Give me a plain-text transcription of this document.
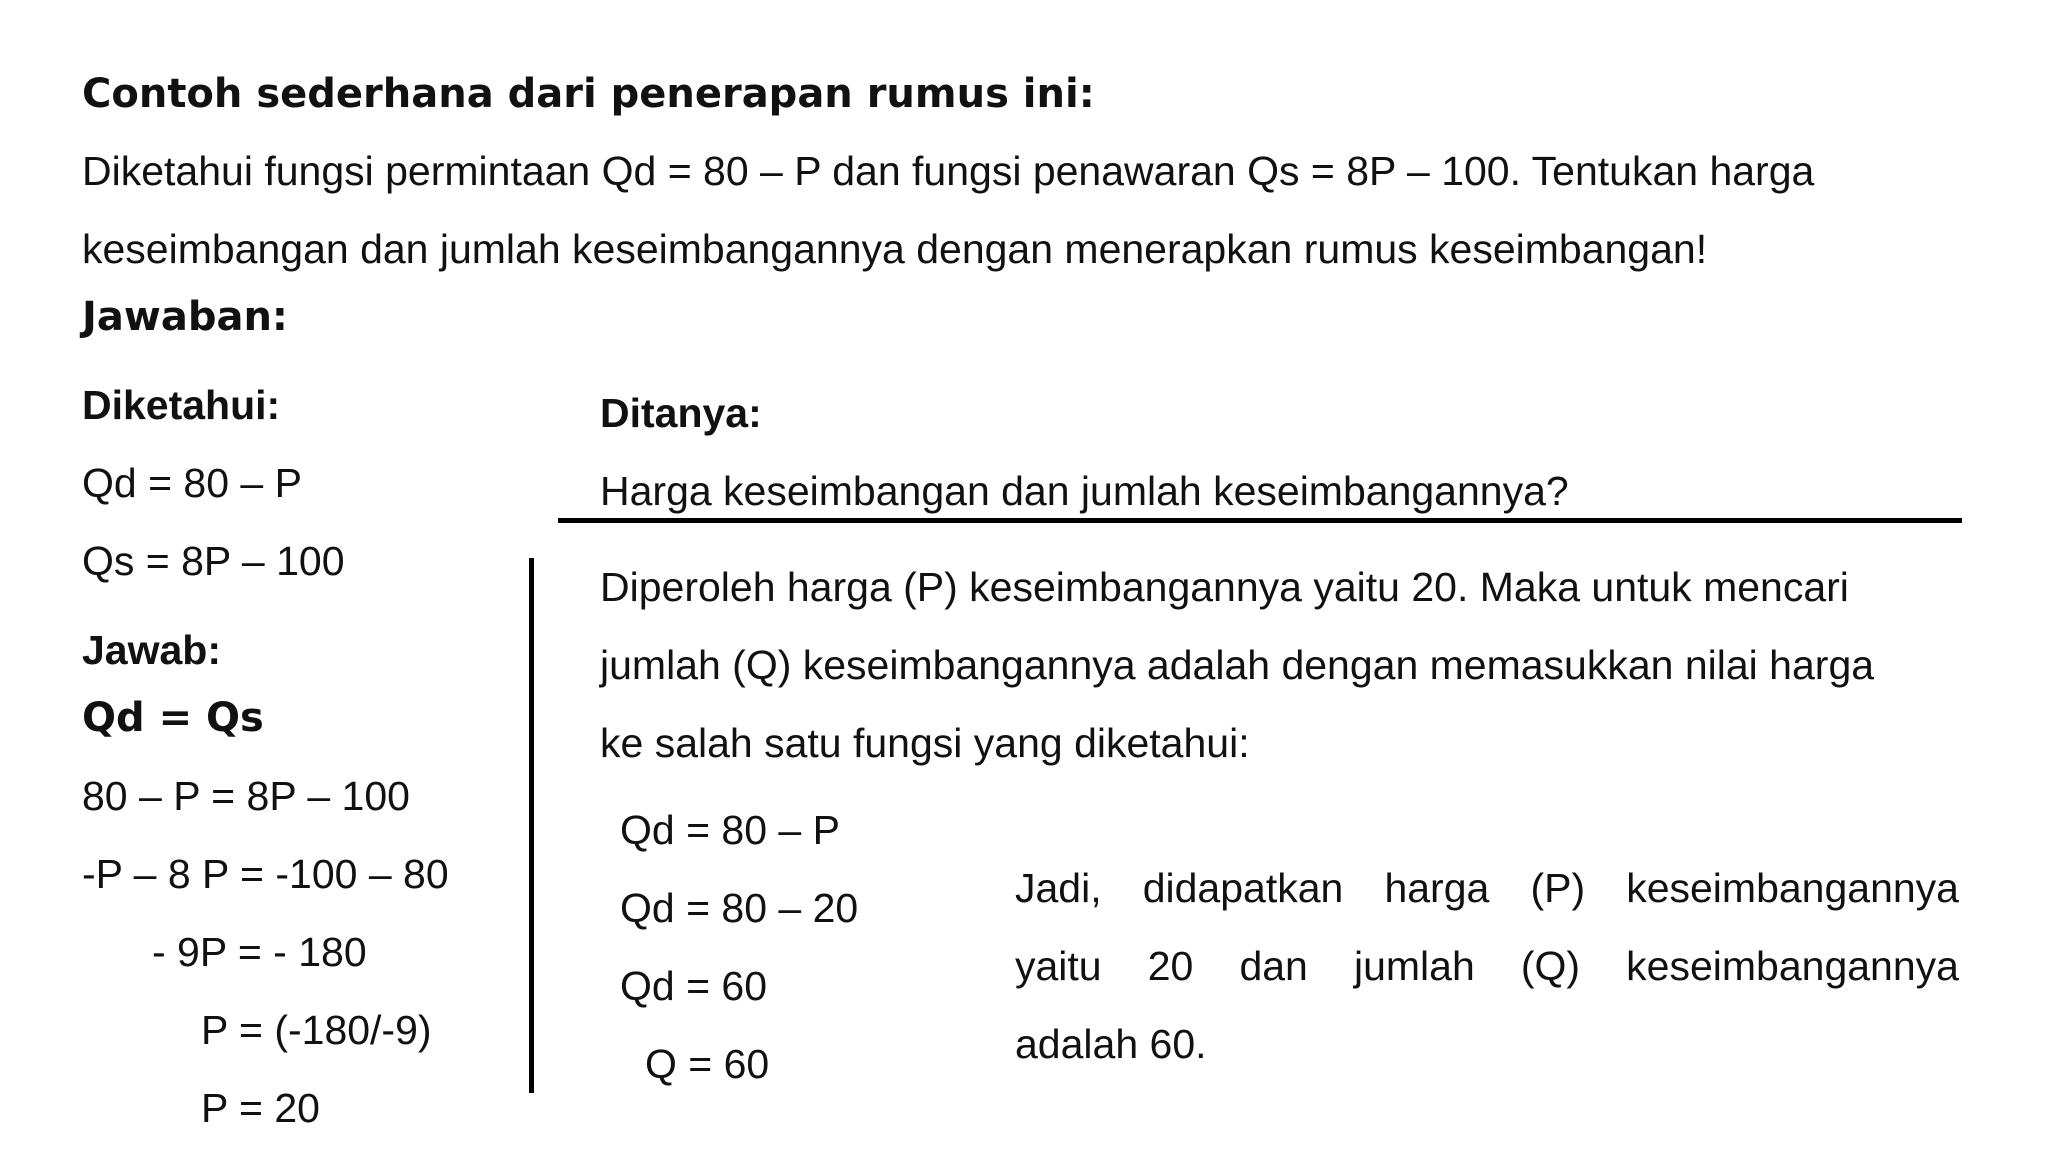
Contoh sederhana dari penerapan rumus ini:
Diketahui fungsi permintaan Qd = 80 – P dan fungsi penawaran Qs = 8P – 100. Tentukan harga
keseimbangan dan jumlah keseimbangannya dengan menerapkan rumus keseimbangan!
Jawaban:
Diketahui:
Qd = 80 – P
Qs = 8P – 100
Ditanya:
Harga keseimbangan dan jumlah keseimbangannya?
Jawab:
Qd = Qs
80 – P = 8P – 100
-P – 8 P = -100 – 80
- 9P = - 180
P = (-180/-9)
P = 20
Diperoleh harga (P) keseimbangannya yaitu 20. Maka untuk mencari
jumlah (Q) keseimbangannya adalah dengan memasukkan nilai harga
ke salah satu fungsi yang diketahui:
Qd = 80 – P
Qd = 80 – 20
Qd = 60
Q = 60
Jadi, didapatkan harga (P) keseimbangannya
yaitu 20 dan jumlah (Q) keseimbangannya
adalah 60.
